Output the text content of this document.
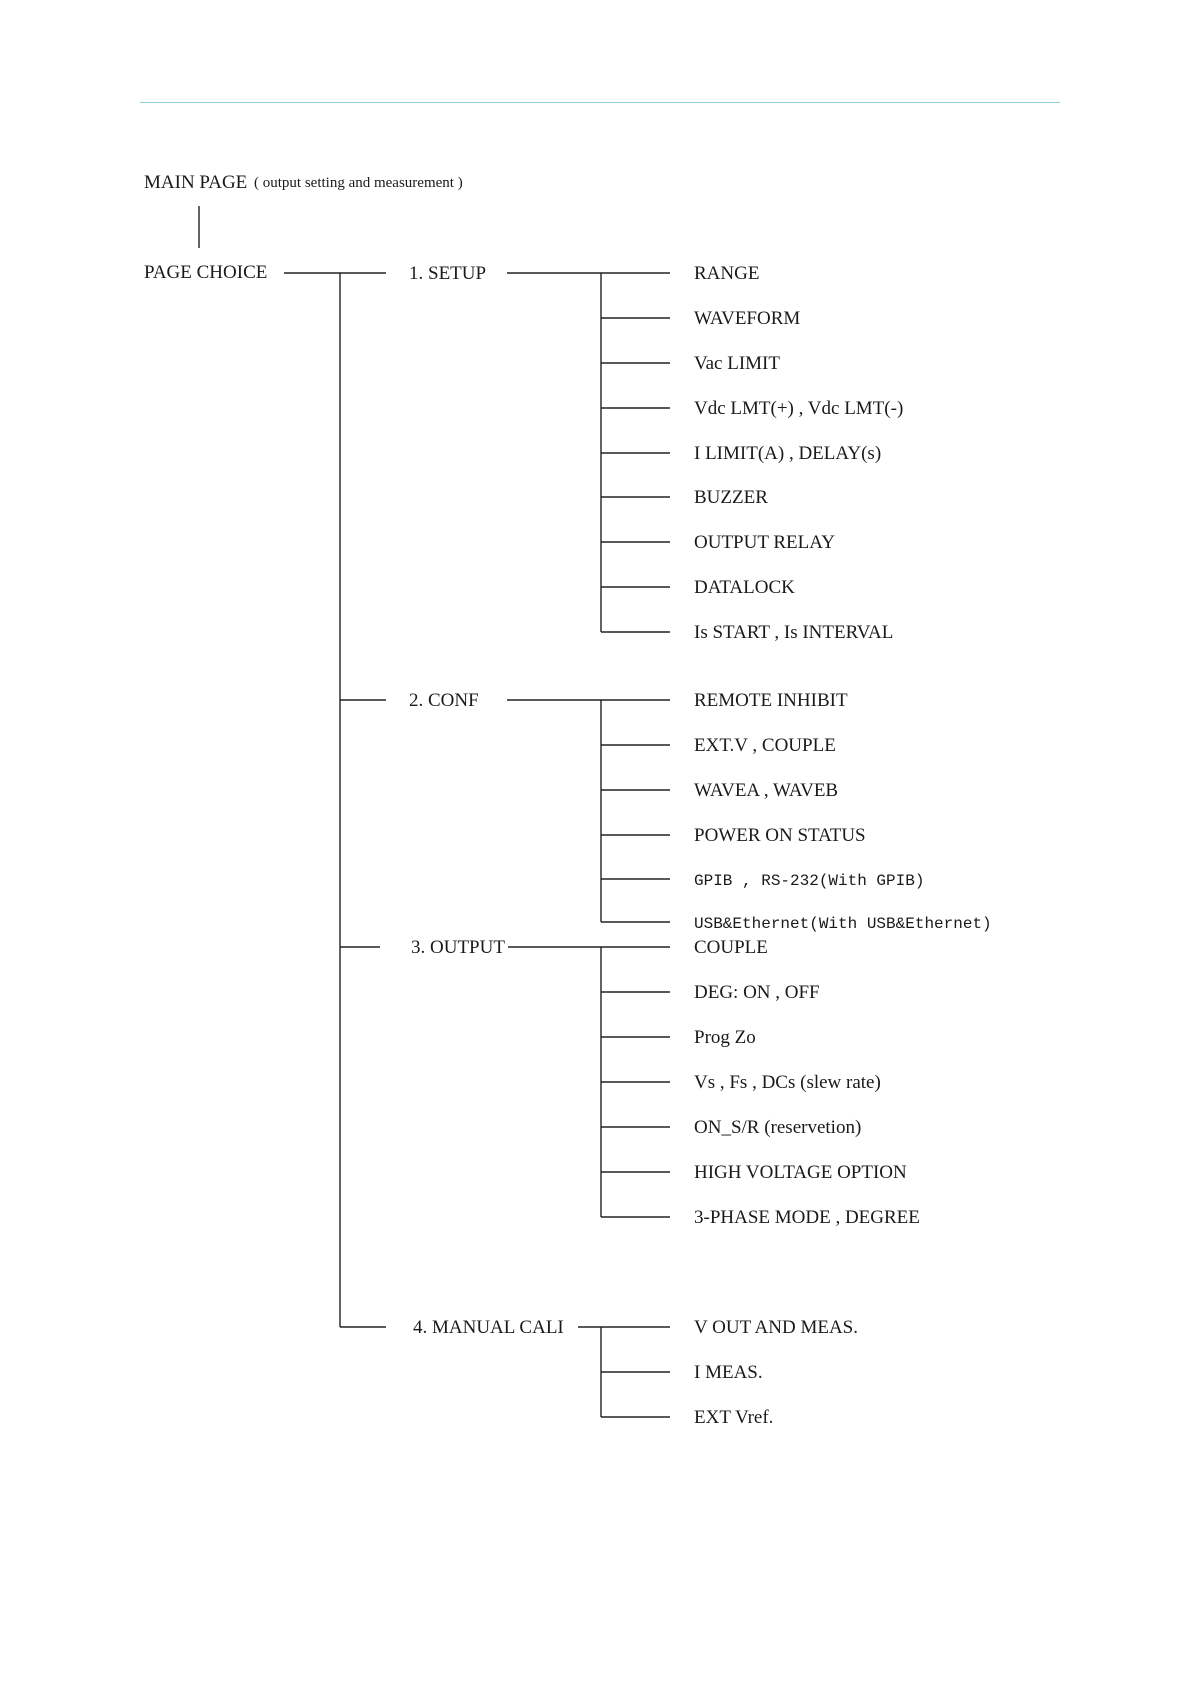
MAIN PAGE ( output setting and measurement )
PAGE CHOICE	1. SETUP	RANGE
WAVEFORM
Vac LIMIT
Vdc LMT(+) , Vdc LMT(-)
I LIMIT(A) , DELAY(s)
BUZZER
OUTPUT RELAY
DATALOCK
Is START , Is INTERVAL
2. CONF	REMOTE INHIBIT
EXT.V , COUPLE
WAVEA , WAVEB
POWER ON STATUS
GPIB , RS-232(With GPIB)
USB&Ethernet(With USB&Ethernet)
3. OUTPUT	COUPLE
DEG: ON , OFF
Prog Zo
Vs , Fs , DCs (slew rate)
ON_S/R (reservetion)
HIGH VOLTAGE OPTION
3-PHASE MODE , DEGREE
4. MANUAL CALI	V OUT AND MEAS.
I MEAS.
EXT Vref.
